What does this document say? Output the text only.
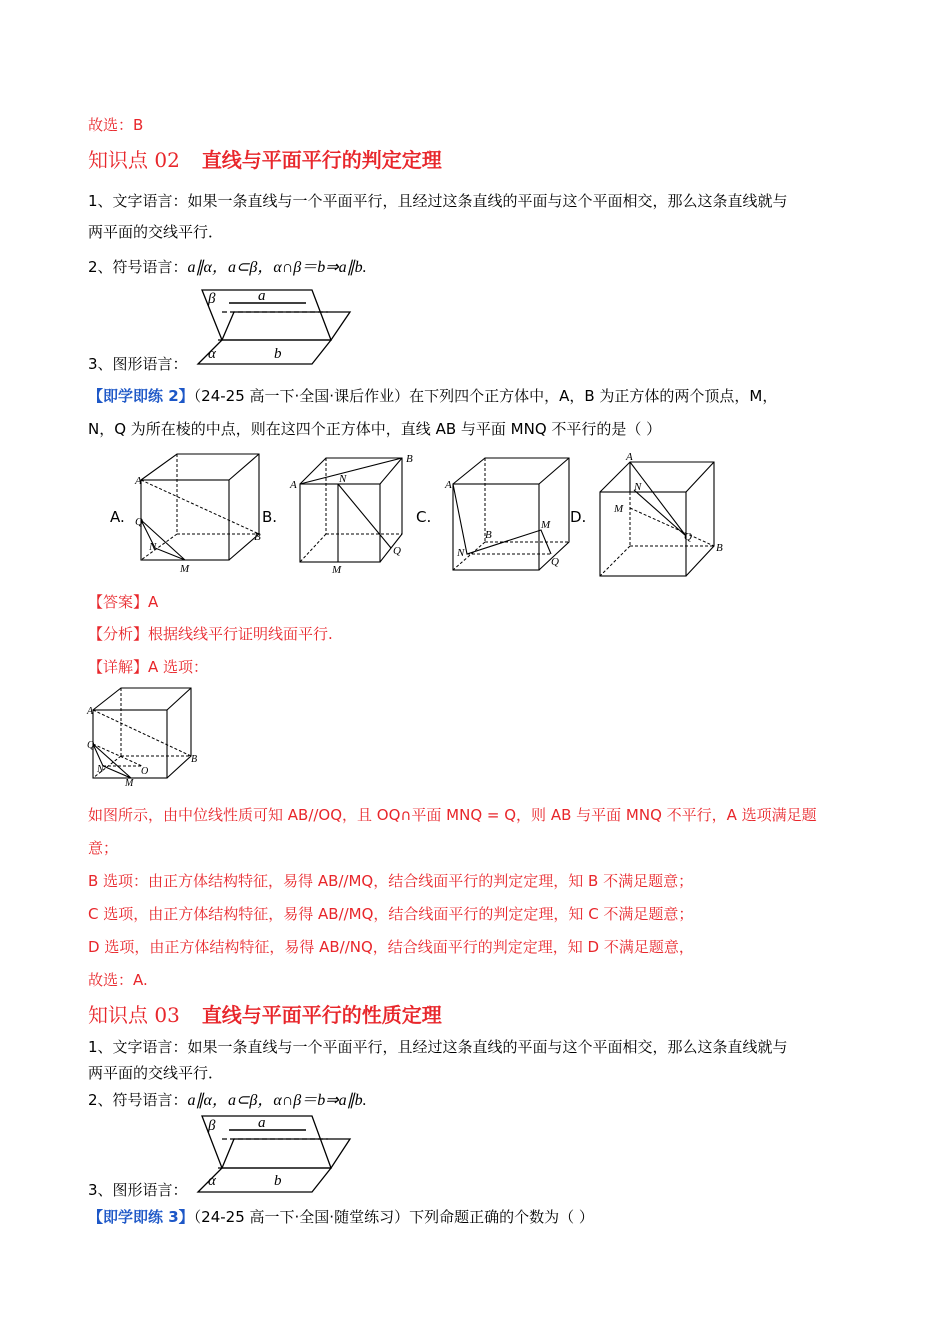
故选：B
知识点 02 直线与平面平行的判定定理
1、文字语言：如果一条直线与一个平面平行，且经过这条直线的平面与这个平面相交，那么这条直线就与
两平面的交线平行．
2、符号语言：a∥α，a⊂β，α∩β＝b⇒a∥b.
β	a
α	b
3、图形语言：
【即学即练 2】（24-25 高一下·全国·课后作业）在下列四个正方体中，A，B 为正方体的两个顶点，M，
N，Q 为所在棱的中点，则在这四个正方体中，直线 AB 与平面 MNQ 不平行的是（ ）
A.	B.	C.	D.
A
B
Q
N
M
A
B
N
Q
M
A
B
M
N
Q
A
N
M
Q
B
【答案】A
【分析】根据线线平行证明线面平行.
【详解】A 选项：
A
Q
B
N	O
M
如图所示，由中位线性质可知 AB//OQ，且 OQ∩平面 MNQ = Q，则 AB 与平面 MNQ 不平行，A 选项满足题
意；
B 选项：由正方体结构特征，易得 AB//MQ，结合线面平行的判定定理，知 B 不满足题意；
C 选项，由正方体结构特征，易得 AB//MQ，结合线面平行的判定定理，知 C 不满足题意；
D 选项，由正方体结构特征，易得 AB//NQ，结合线面平行的判定定理，知 D 不满足题意，
故选：A.
知识点 03 直线与平面平行的性质定理
1、文字语言：如果一条直线与一个平面平行，且经过这条直线的平面与这个平面相交，那么这条直线就与
两平面的交线平行．
2、符号语言：a∥α，a⊂β，α∩β＝b⇒a∥b.
β	a
α	b
3、图形语言：
【即学即练 3】（24-25 高一下·全国·随堂练习）下列命题正确的个数为（ ）
